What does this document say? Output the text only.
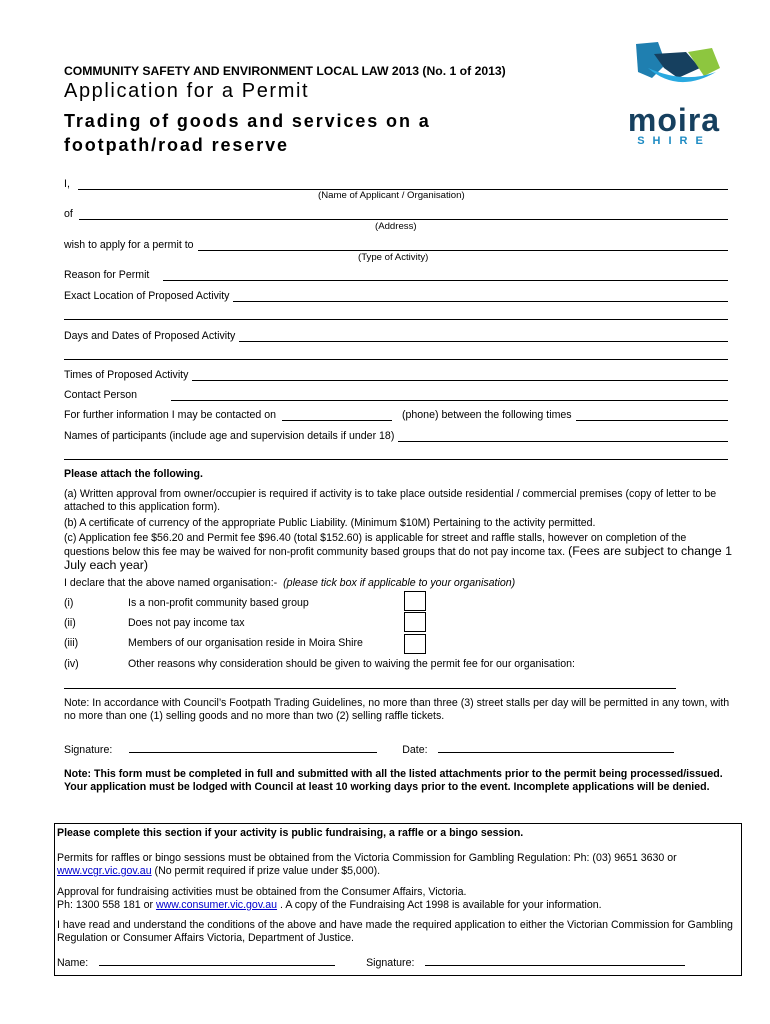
COMMUNITY SAFETY AND ENVIRONMENT LOCAL LAW 2013 (No. 1 of 2013)
Application for a Permit
Trading of goods and services on a
footpath/road reserve
moira
SHIRE
I,
(Name of Applicant / Organisation)
of
(Address)
wish to apply for a permit to
(Type of Activity)
Reason for Permit
Exact Location of Proposed Activity
Days and Dates of Proposed Activity
Times of Proposed Activity
Contact Person
For further information I may be contacted on	(phone) between the following times
Names of participants (include age and supervision details if under 18)
Please attach the following.
(a) Written approval from owner/occupier is required if activity is to take place outside residential / commercial premises (copy of letter to be attached to this application form).
(b) A certificate of currency of the appropriate Public Liability. (Minimum $10M) Pertaining to the activity permitted.
(c) Application fee $56.20 and Permit fee $96.40 (total $152.60) is applicable for street and raffle stalls, however on completion of the questions below this fee may be waived for non-profit community based groups that do not pay income tax. (Fees are subject to change 1 July each year)
I declare that the above named organisation:- (please tick box if applicable to your organisation)
(i)	Is a non-profit community based group
(ii)	Does not pay income tax
(iii)	Members of our organisation reside in Moira Shire
(iv)	Other reasons why consideration should be given to waiving the permit fee for our organisation:
Note: In accordance with Council’s Footpath Trading Guidelines, no more than three (3) street stalls per day will be permitted in any town, with no more than one (1) selling goods and no more than two (2) selling raffle tickets.
Signature:	Date:
Note: This form must be completed in full and submitted with all the listed attachments prior to the permit being processed/issued. Your application must be lodged with Council at least 10 working days prior to the event. Incomplete applications will be denied.
Please complete this section if your activity is public fundraising, a raffle or a bingo session.
Permits for raffles or bingo sessions must be obtained from the Victoria Commission for Gambling Regulation: Ph: (03) 9651 3630 or www.vcgr.vic.gov.au (No permit required if prize value under $5,000).
Approval for fundraising activities must be obtained from the Consumer Affairs, Victoria.
Ph: 1300 558 181 or www.consumer.vic.gov.au . A copy of the Fundraising Act 1998 is available for your information.
I have read and understand the conditions of the above and have made the required application to either the Victorian Commission for Gambling Regulation or Consumer Affairs Victoria, Department of Justice.
Name:	Signature:
